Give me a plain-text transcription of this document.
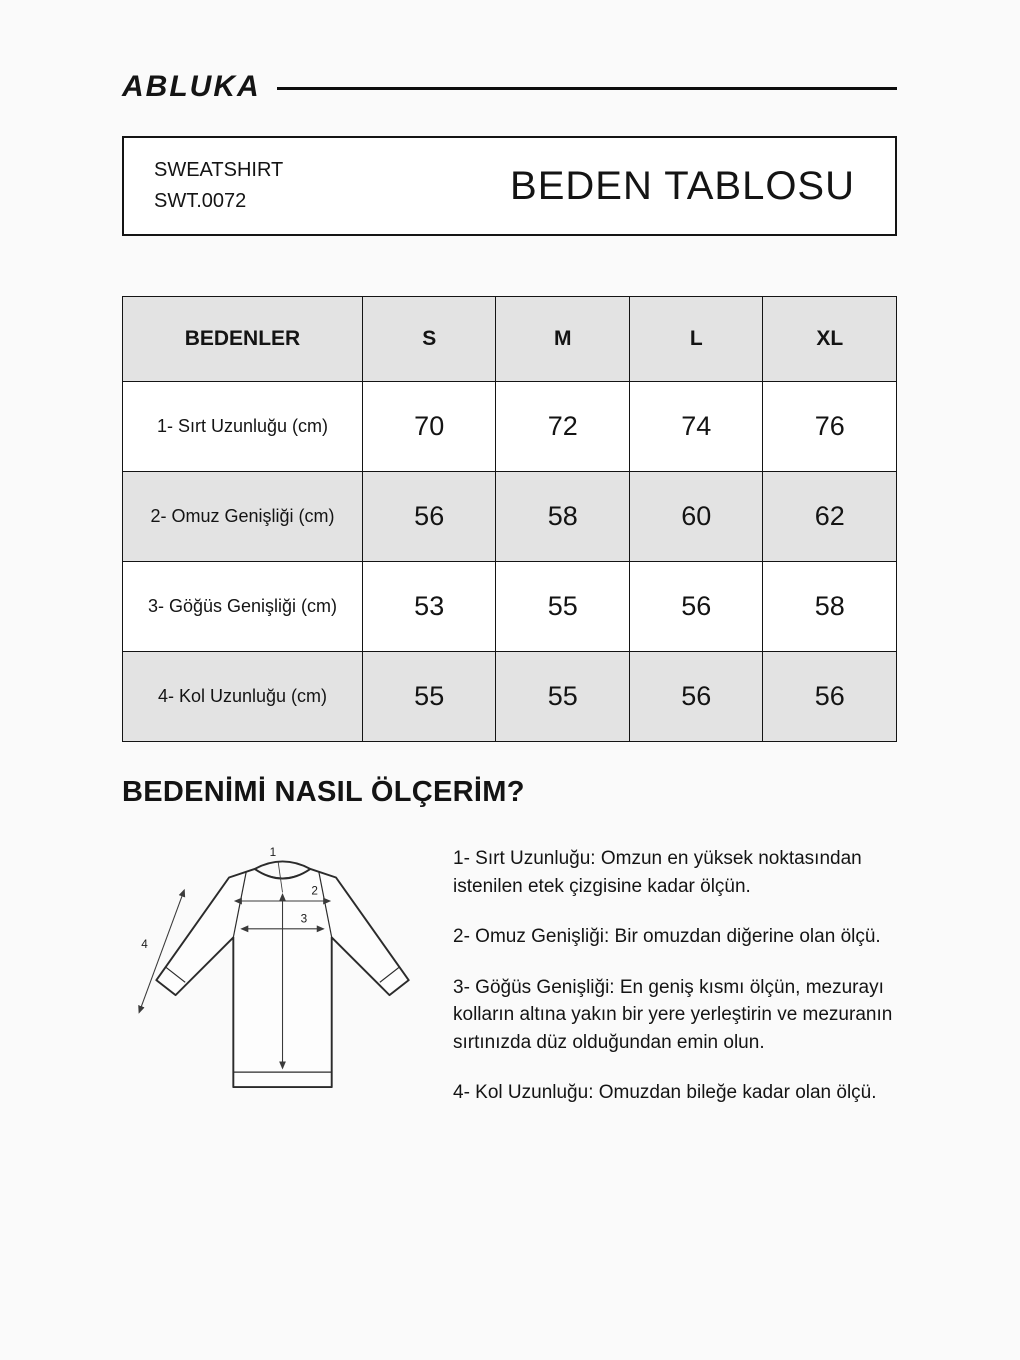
ABLUKA
SWEATSHIRT
SWT.0072	BEDEN TABLOSU
BEDENLER	S	M	L	XL
1- Sırt Uzunluğu (cm)	70	72	74	76
2- Omuz Genişliği (cm)	56	58	60	62
3- Göğüs Genişliği (cm)	53	55	56	58
4- Kol Uzunluğu (cm)	55	55	56	56
BEDENİMİ NASIL ÖLÇERİM?
1
2
3
4

1- Sırt Uzunluğu: Omzun en yüksek noktasından istenilen etek çizgisine kadar ölçün.

2- Omuz Genişliği: Bir omuzdan diğerine olan ölçü.

3- Göğüs Genişliği: En geniş kısmı ölçün, mezurayı kolların altına yakın bir yere yerleştirin ve mezuranın sırtınızda düz olduğundan emin olun.

4- Kol Uzunluğu: Omuzdan bileğe kadar olan ölçü.
